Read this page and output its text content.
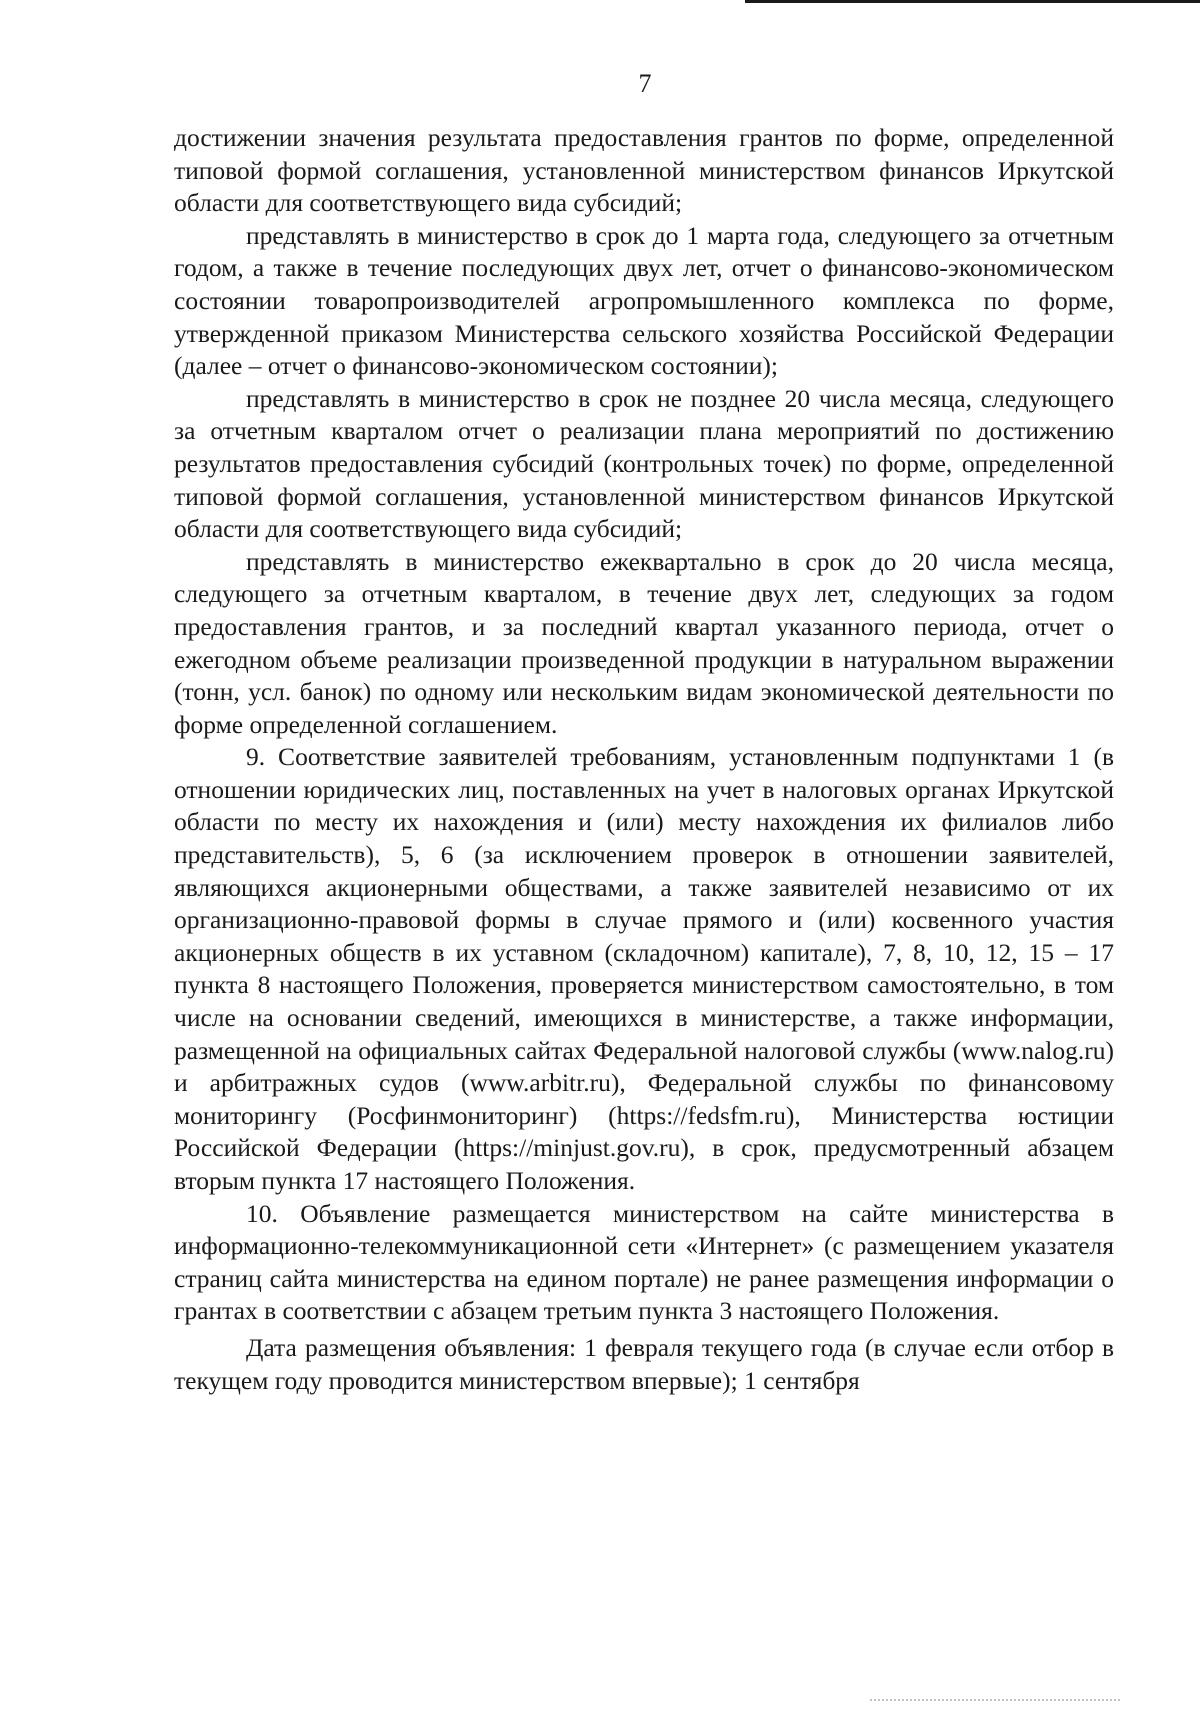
7

достижении значения результата предоставления грантов по форме, определенной типовой формой соглашения, установленной министерством финансов Иркутской области для соответствующего вида субсидий;

представлять в министерство в срок до 1 марта года, следующего за отчетным годом, а также в течение последующих двух лет, отчет о финансово-экономическом состоянии товаропроизводителей агропромышленного комплекса по форме, утвержденной приказом Министерства сельского хозяйства Российской Федерации (далее – отчет о финансово-экономическом состоянии);

представлять в министерство в срок не позднее 20 числа месяца, следующего за отчетным кварталом отчет о реализации плана мероприятий по достижению результатов предоставления субсидий (контрольных точек) по форме, определенной типовой формой соглашения, установленной министерством финансов Иркутской области для соответствующего вида субсидий;

представлять в министерство ежеквартально в срок до 20 числа месяца, следующего за отчетным кварталом, в течение двух лет, следующих за годом предоставления грантов, и за последний квартал указанного периода, отчет о ежегодном объеме реализации произведенной продукции в натуральном выражении (тонн, усл. банок) по одному или нескольким видам экономической деятельности по форме определенной соглашением.

9. Соответствие заявителей требованиям, установленным подпунктами 1 (в отношении юридических лиц, поставленных на учет в налоговых органах Иркутской области по месту их нахождения и (или) месту нахождения их филиалов либо представительств), 5, 6 (за исключением проверок в отношении заявителей, являющихся акционерными обществами, а также заявителей независимо от их организационно-правовой формы в случае прямого и (или) косвенного участия акционерных обществ в их уставном (складочном) капитале), 7, 8, 10, 12, 15 – 17 пункта 8 настоящего Положения, проверяется министерством самостоятельно, в том числе на основании сведений, имеющихся в министерстве, а также информации, размещенной на официальных сайтах Федеральной налоговой службы (www.nalog.ru) и арбитражных судов (www.arbitr.ru), Федеральной службы по финансовому мониторингу (Росфинмониторинг) (https://fedsfm.ru), Министерства юстиции Российской Федерации (https://minjust.gov.ru), в срок, предусмотренный абзацем вторым пункта 17 настоящего Положения.

10. Объявление размещается министерством на сайте министерства в информационно-телекоммуникационной сети «Интернет» (с размещением указателя страниц сайта министерства на едином портале) не ранее размещения информации о грантах в соответствии с абзацем третьим пункта 3 настоящего Положения.

Дата размещения объявления: 1 февраля текущего года (в случае если отбор в текущем году проводится министерством впервые); 1 сентября
